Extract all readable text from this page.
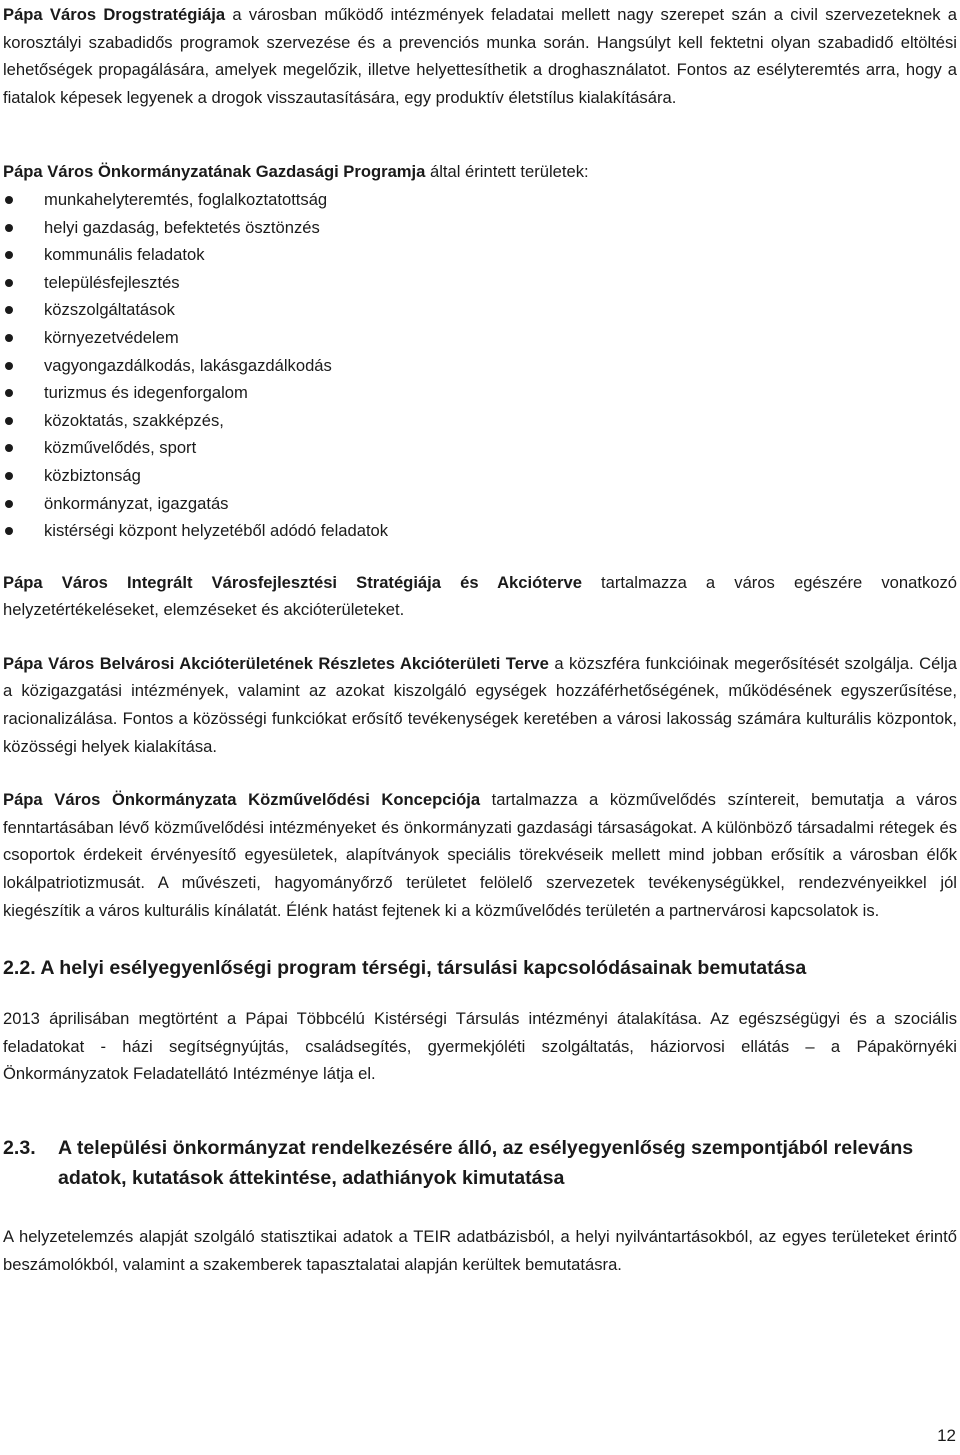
Pápa Város Drogstratégiája a városban működő intézmények feladatai mellett nagy szerepet szán a civil szervezeteknek a korosztályi szabadidős programok szervezése és a prevenciós munka során. Hangsúlyt kell fektetni olyan szabadidő eltöltési lehetőségek propagálására, amelyek megelőzik, illetve helyettesíthetik a droghasználatot. Fontos az esélyteremtés arra, hogy a fiatalok képesek legyenek a drogok visszautasítására, egy produktív életstílus kialakítására.

Pápa Város Önkormányzatának Gazdasági Programja által érintett területek:

munkahelyteremtés, foglalkoztatottság
helyi gazdaság, befektetés ösztönzés
kommunális feladatok
településfejlesztés
közszolgáltatások
környezetvédelem
vagyongazdálkodás, lakásgazdálkodás
turizmus és idegenforgalom
közoktatás, szakképzés,
közművelődés, sport
közbiztonság
önkormányzat, igazgatás
kistérségi központ helyzetéből adódó feladatok

Pápa Város Integrált Városfejlesztési Stratégiája és Akcióterve tartalmazza a város egészére vonatkozó helyzetértékeléseket, elemzéseket és akcióterületeket.

Pápa Város Belvárosi Akcióterületének Részletes Akcióterületi Terve a közszféra funkcióinak megerősítését szolgálja. Célja a közigazgatási intézmények, valamint az azokat kiszolgáló egységek hozzáférhetőségének, működésének egyszerűsítése, racionalizálása. Fontos a közösségi funkciókat erősítő tevékenységek keretében a városi lakosság számára kulturális központok, közösségi helyek kialakítása.

Pápa Város Önkormányzata Közművelődési Koncepciója tartalmazza a közművelődés színtereit, bemutatja a város fenntartásában lévő közművelődési intézményeket és önkormányzati gazdasági társaságokat. A különböző társadalmi rétegek és csoportok érdekeit érvényesítő egyesületek, alapítványok speciális törekvéseik mellett mind jobban erősítik a városban élők lokálpatriotizmusát. A művészeti, hagyományőrző területet felölelő szervezetek tevékenységükkel, rendezvényeikkel jól kiegészítik a város kulturális kínálatát. Élénk hatást fejtenek ki a közművelődés területén a partnervárosi kapcsolatok is.

2.2. A helyi esélyegyenlőségi program térségi, társulási kapcsolódásainak bemutatása

2013 áprilisában megtörtént a Pápai Többcélú Kistérségi Társulás intézményi átalakítása. Az egészségügyi és a szociális feladatokat - házi segítségnyújtás, családsegítés, gyermekjóléti szolgáltatás, háziorvosi ellátás – a Pápakörnyéki Önkormányzatok Feladatellátó Intézménye látja el.

2.3.	A települési önkormányzat rendelkezésére álló, az esélyegyenlőség szempontjából releváns adatok, kutatások áttekintése, adathiányok kimutatása

A helyzetelemzés alapját szolgáló statisztikai adatok a TEIR adatbázisból, a helyi nyilvántartásokból, az egyes területeket érintő beszámolókból, valamint a szakemberek tapasztalatai alapján kerültek bemutatásra.

12
